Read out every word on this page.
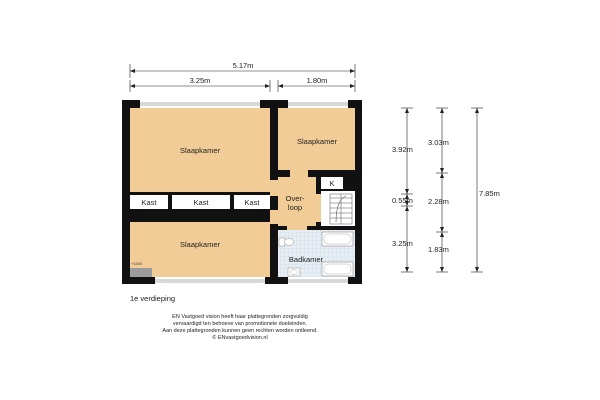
5.17m
3.25m	1.80m
3.92m
0.55m
3.25m
3.03m
2.28m
1.83m
7.85m
Slaapkamer
Kast	Kast	Kast
Slaapkamer
Slaapkamer
Over-
loop
K
Badkamer
+1500
1e verdieping
EN Vastgoed vision heeft haar plattegronden zorgvuldig
vervaardigd ten behoeve van promotionele doeleinden.
Aan deze plattegronden kunnen geen rechten worden ontleend.
© ENvastgoedvision.nl
